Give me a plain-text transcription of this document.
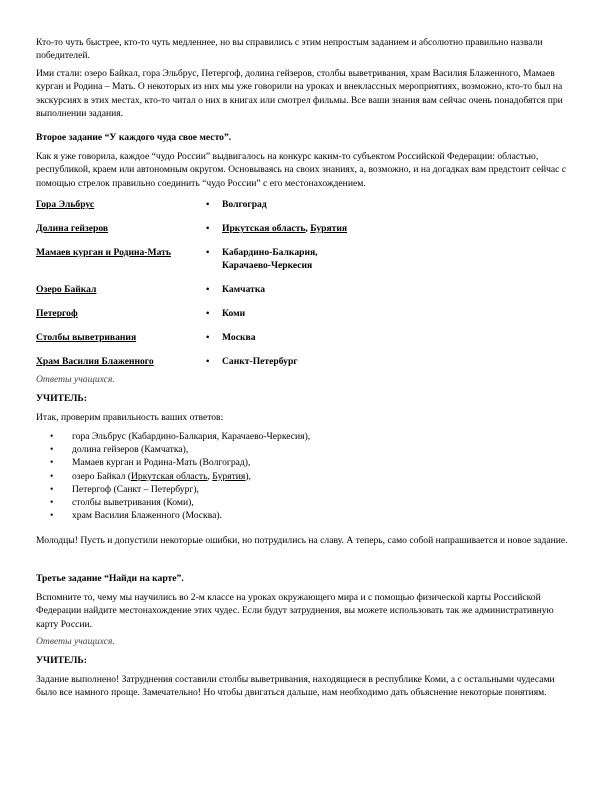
Кто-то чуть быстрее, кто-то чуть медленнее, но вы справились с этим непростым заданием и абсолютно правильно назвали победителей.

Ими стали: озеро Байкал, гора Эльбрус, Петергоф, долина гейзеров, столбы выветривания, храм Василия Блаженного, Мамаев курган и Родина – Мать. О некоторых из них мы уже говорили на уроках и внеклассных мероприятиях, возможно, кто-то был на экскурсиях в этих местах, кто-то читал о них в книгах или смотрел фильмы. Все ваши знания вам сейчас очень понадобятся при выполнении задания.

Второе задание “У каждого чуда свое место”.

Как я уже говорила, каждое “чудо России” выдвигалось на конкурс каким-то субъектом Российской Федерации: областью, республикой, краем или автономным округом. Основываясь на своих знаниях, а, возможно, и на догадках вам предстоит сейчас с помощью стрелок правильно соединить “чудо России” с его местонахождением.

Гора Эльбрус	• Волгоград
Долина гейзеров	• Иркутская область, Бурятия
Мамаев курган и Родина-Мать	• Кабардино-Балкария,
Карачаево-Черкесия
Озеро Байкал	• Камчатка
Петергоф	• Коми
Столбы выветривания	• Москва
Храм Василия Блаженного	• Санкт-Петербург

Ответы учащихся.

УЧИТЕЛЬ:

Итак, проверим правильность ваших ответов:

• гора Эльбрус (Кабардино-Балкария, Карачаево-Черкесия),
• долина гейзеров (Камчатка),
• Мамаев курган и Родина-Мать (Волгоград),
• озеро Байкал (Иркутская область, Бурятия),
• Петергоф (Санкт – Петербург),
• столбы выветривания (Коми),
• храм Василия Блаженного (Москва).

Молодцы! Пусть и допустили некоторые ошибки, но потрудились на славу. А теперь, само собой напрашивается и новое задание.

Третье задание “Найди на карте”.

Вспомните то, чему мы научились во 2-м классе на уроках окружающего мира и с помощью физической карты Российской Федерации найдите местонахождение этих чудес. Если будут затруднения, вы можете использовать так же административную карту России.

Ответы учащихся.

УЧИТЕЛЬ:

Задание выполнено! Затруднения составили столбы выветривания, находящиеся в республике Коми, а с остальными чудесами было все намного проще. Замечательно! Но чтобы двигаться дальше, нам необходимо дать объяснение некоторые понятиям.
